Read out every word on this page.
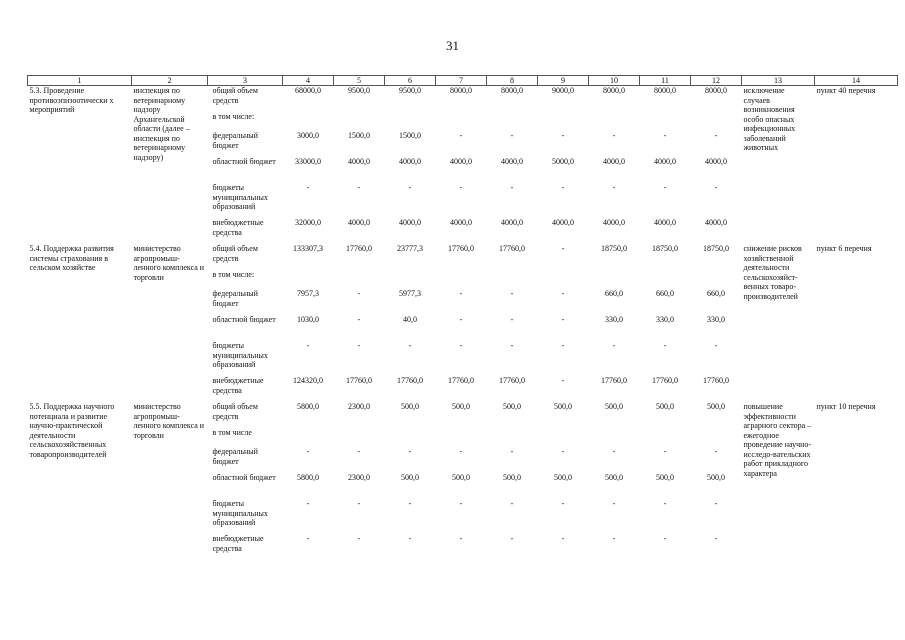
31
1	2	3	4	5	6	7	8	9	10	11	12	13	14
5.3. Проведение противоэпизоотически х мероприятий	инспекция по ветеринарному надзору Архангельской области (далее – инспекция по ветеринарному надзору)	общий объем средств	68000,0	9500,0	9500,0	8000,0	8000,0	9000,0	8000,0	8000,0	8000,0	исключение случаев возникновения особо опасных инфекционных заболеваний животных	пункт 40 перечня
		в том числе:											
		федеральный бюджет	3000,0	1500,0	1500,0	-	-	-	-	-	-		
		областной бюджет	33000,0	4000,0	4000,0	4000,0	4000,0	5000,0	4000,0	4000,0	4000,0		
		бюджеты муниципальных образований	-	-	-	-	-	-	-	-	-		
		внебюджетные средства	32000,0	4000,0	4000,0	4000,0	4000,0	4000,0	4000,0	4000,0	4000,0		
5.4. Поддержка развития системы страхования в сельском хозяйстве	министерство агропромыш-ленного комплекса и торговли	общий объем средств	133307,3	17760,0	23777,3	17760,0	17760,0	-	18750,0	18750,0	18750,0	снижение рисков хозяйственной деятельности сельскохозяйст-венных товаро-производителей	пункт 6 перечня
		в том числе:											
		федеральный бюджет	7957,3	-	5977,3	-	-	-	660,0	660,0	660,0		
		областной бюджет	1030,0	-	40,0	-	-	-	330,0	330,0	330,0		
		бюджеты муниципальных образований	-	-	-	-	-	-	-	-	-		
		внебюджетные средства	124320,0	17760,0	17760,0	17760,0	17760,0	-	17760,0	17760,0	17760,0		
5.5. Поддержка научного потенциала и развитие научно-практической деятельности сельскохозяйственных товаропроизводителей	министерство агропромыш-ленного комплекса и торговли	общий объем средств	5800,0	2300,0	500,0	500,0	500,0	500,0	500,0	500,0	500,0	повышение эффективности аграрного сектора – ежегодное проведение научно-исследо-вательских работ прикладного характера	пункт 10 перечня
		в том числе											
		федеральный бюджет	-	-	-	-	-	-	-	-	-		
		областной бюджет	5800,0	2300,0	500,0	500,0	500,0	500,0	500,0	500,0	500,0		
		бюджеты муниципальных образований	-	-	-	-	-	-	-	-	-		
		внебюджетные средства	-	-	-	-	-	-	-	-	-		
